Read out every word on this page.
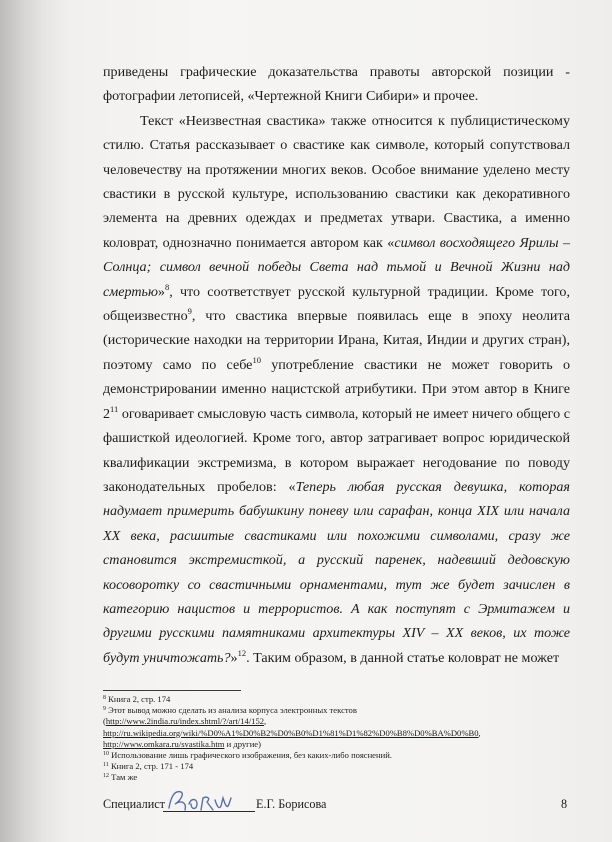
приведены графические доказательства правоты авторской позиции - фотографии летописей, «Чертежной Книги Сибири» и прочее.

Текст «Неизвестная свастика» также относится к публицистическому стилю. Статья рассказывает о свастике как символе, который сопутствовал человечеству на протяжении многих веков. Особое внимание уделено месту свастики в русской культуре, использованию свастики как декоративного элемента на древних одеждах и предметах утвари. Свастика, а именно коловрат, однозначно понимается автором как «символ восходящего Ярилы – Солнца; символ вечной победы Света над тьмой и Вечной Жизни над смертью»$^8$, что соответствует русской культурной традиции. Кроме того, общеизвестно$^9$, что свастика впервые появилась еще в эпоху неолита (исторические находки на территории Ирана, Китая, Индии и других стран), поэтому само по себе$^{10}$ употребление свастики не может говорить о демонстрировании именно нацистской атрибутики. При этом автор в Книге $2^{11}$ оговаривает смысловую часть символа, который не имеет ничего общего с фашисткой идеологией. Кроме того, автор затрагивает вопрос юридической квалификации экстремизма, в котором выражает негодование по поводу законодательных пробелов: «Теперь любая русская девушка, которая надумает примерить бабушкину поневу или сарафан, конца XIX или начала XX века, расшитые свастиками или похожими символами, сразу же становится экстремисткой, а русский паренек, надевший дедовскую косоворотку со свастичными орнаментами, тут же будет зачислен в категорию нацистов и террористов. А как поступят с Эрмитажем и другими русскими памятниками архитектуры XIV – XX веков, их тоже будут уничтожать?»$^{12}$. Таким образом, в данной статье коловрат не может

$^8$ Книга 2, стр. 174

$^9$ Этот вывод можно сделать из анализа корпуса электронных текстов

(http://www.2india.ru/index.shtml/?/art/14/152,

http://ru.wikipedia.org/wiki/%D0%A1%D0%B2%D0%B0%D1%81%D1%82%D0%B8%D0%BA%D0%B0,

http://www.omkara.ru/svastika.htm и другие)

$^{10}$ Использование лишь графического изображения, без каких-либо пояснений.

$^{11}$ Книга 2, стр. 171 - 174

$^{12}$ Там же

Специалист	Е.Г. Борисова	8
